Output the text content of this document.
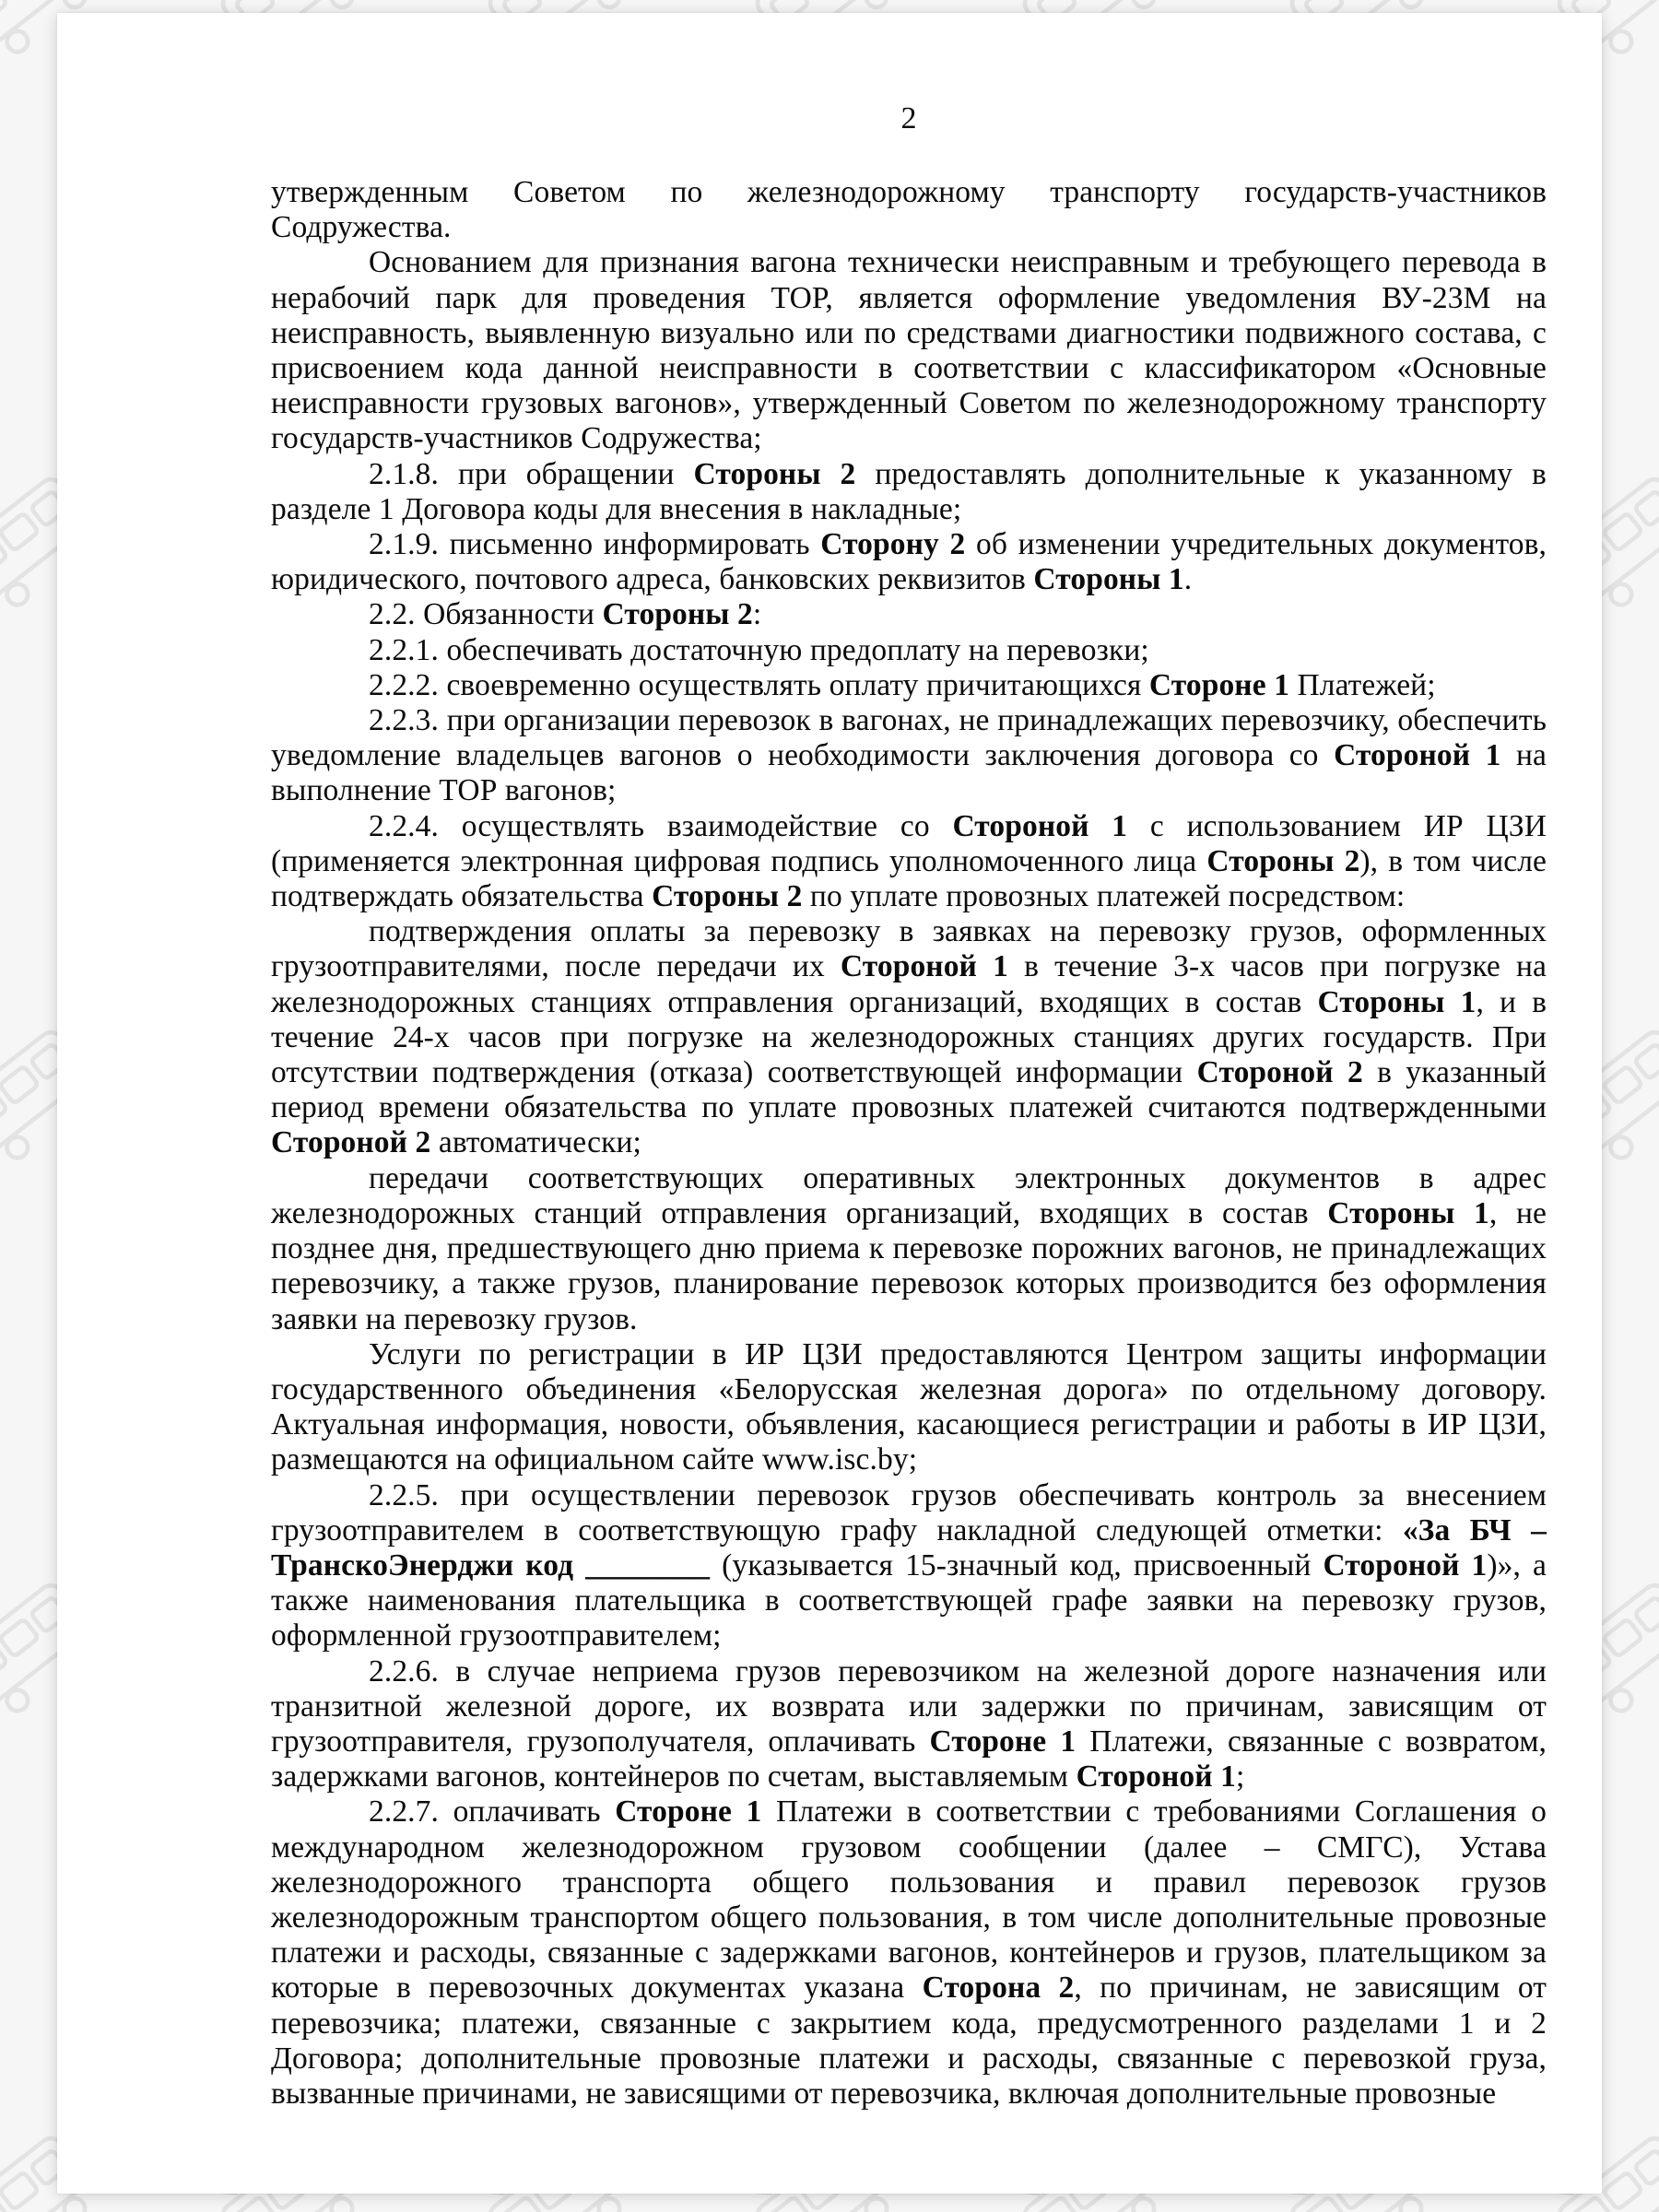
2

утвержденным Советом по железнодорожному транспорту государств-участников Содружества.

Основанием для признания вагона технически неисправным и требующего перевода в нерабочий парк для проведения ТОР, является оформление уведомления ВУ-23М на неисправность, выявленную визуально или по средствами диагностики подвижного состава, с присвоением кода данной неисправности в соответствии с классификатором «Основные неисправности грузовых вагонов», утвержденный Советом по железнодорожному транспорту государств-участников Содружества;

2.1.8. при обращении Стороны 2 предоставлять дополнительные к указанному в разделе 1 Договора коды для внесения в накладные;

2.1.9. письменно информировать Сторону 2 об изменении учредительных документов, юридического, почтового адреса, банковских реквизитов Стороны 1.

2.2. Обязанности Стороны 2:

2.2.1. обеспечивать достаточную предоплату на перевозки;

2.2.2. своевременно осуществлять оплату причитающихся Стороне 1 Платежей;

2.2.3. при организации перевозок в вагонах, не принадлежащих перевозчику, обеспечить уведомление владельцев вагонов о необходимости заключения договора со Стороной 1 на выполнение ТОР вагонов;

2.2.4. осуществлять взаимодействие со Стороной 1 с использованием ИР ЦЗИ (применяется электронная цифровая подпись уполномоченного лица Стороны 2), в том числе подтверждать обязательства Стороны 2 по уплате провозных платежей посредством:

подтверждения оплаты за перевозку в заявках на перевозку грузов, оформленных грузоотправителями, после передачи их Стороной 1 в течение 3-х часов при погрузке на железнодорожных станциях отправления организаций, входящих в состав Стороны 1, и в течение 24-х часов при погрузке на железнодорожных станциях других государств. При отсутствии подтверждения (отказа) соответствующей информации Стороной 2 в указанный период времени обязательства по уплате провозных платежей считаются подтвержденными Стороной 2 автоматически;

передачи соответствующих оперативных электронных документов в адрес железнодорожных станций отправления организаций, входящих в состав Стороны 1, не позднее дня, предшествующего дню приема к перевозке порожних вагонов, не принадлежащих перевозчику, а также грузов, планирование перевозок которых производится без оформления заявки на перевозку грузов.

Услуги по регистрации в ИР ЦЗИ предоставляются Центром защиты информации государственного объединения «Белорусская железная дорога» по отдельному договору. Актуальная информация, новости, объявления, касающиеся регистрации и работы в ИР ЦЗИ, размещаются на официальном сайте www.isc.by;

2.2.5. при осуществлении перевозок грузов обеспечивать контроль за внесением грузоотправителем в соответствующую графу накладной следующей отметки: «За БЧ – ТранскоЭнерджи код ________ (указывается 15-значный код, присвоенный Стороной 1)», а также наименования плательщика в соответствующей графе заявки на перевозку грузов, оформленной грузоотправителем;

2.2.6. в случае неприема грузов перевозчиком на железной дороге назначения или транзитной железной дороге, их возврата или задержки по причинам, зависящим от грузоотправителя, грузополучателя, оплачивать Стороне 1 Платежи, связанные с возвратом, задержками вагонов, контейнеров по счетам, выставляемым Стороной 1;

2.2.7. оплачивать Стороне 1 Платежи в соответствии с требованиями Соглашения о международном железнодорожном грузовом сообщении (далее – СМГС), Устава железнодорожного транспорта общего пользования и правил перевозок грузов железнодорожным транспортом общего пользования, в том числе дополнительные провозные платежи и расходы, связанные с задержками вагонов, контейнеров и грузов, плательщиком за которые в перевозочных документах указана Сторона 2, по причинам, не зависящим от перевозчика; платежи, связанные с закрытием кода, предусмотренного разделами 1 и 2 Договора; дополнительные провозные платежи и расходы, связанные с перевозкой груза, вызванные причинами, не зависящими от перевозчика, включая дополнительные провозные
